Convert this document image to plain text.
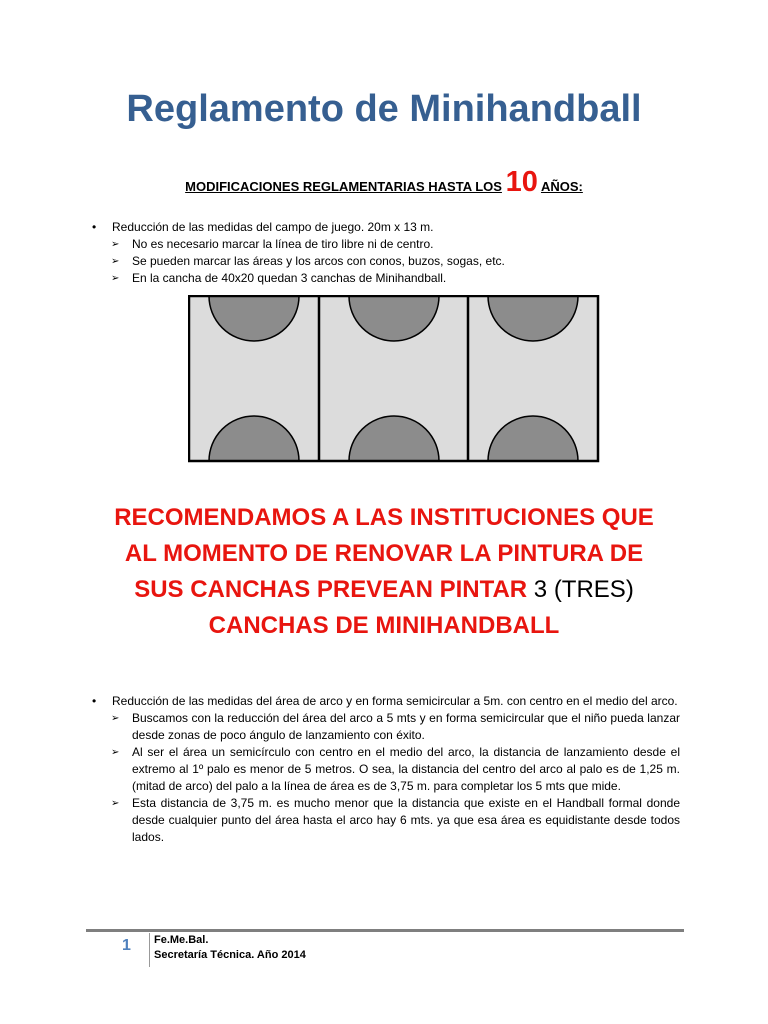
Reglamento de Minihandball
MODIFICACIONES REGLAMENTARIAS HASTA LOS 10 AÑOS:
• Reducción de las medidas del campo de juego. 20m x 13 m.
➢ No es necesario marcar la línea de tiro libre ni de centro.
➢ Se pueden marcar las áreas y los arcos con conos, buzos, sogas, etc.
➢ En la cancha de 40x20 quedan 3 canchas de Minihandball.
RECOMENDAMOS A LAS INSTITUCIONES QUE AL MOMENTO DE RENOVAR LA PINTURA DE SUS CANCHAS PREVEAN PINTAR 3 (TRES) CANCHAS DE MINIHANDBALL
• Reducción de las medidas del área de arco y en forma semicircular a 5m. con centro en el medio del arco.
➢ Buscamos con la reducción del área del arco a 5 mts y en forma semicircular que el niño pueda lanzar desde zonas de poco ángulo de lanzamiento con éxito.
➢ Al ser el área un semicírculo con centro en el medio del arco, la distancia de lanzamiento desde el extremo al 1º palo es menor de 5 metros. O sea, la distancia del centro del arco al palo es de 1,25 m. (mitad de arco) del palo a la línea de área es de 3,75 m. para completar los 5 mts que mide.
➢ Esta distancia de 3,75 m. es mucho menor que la distancia que existe en el Handball formal donde desde cualquier punto del área hasta el arco hay 6 mts. ya que esa área es equidistante desde todos lados.
1 Fe.Me.Bal.
Secretaría Técnica. Año 2014
